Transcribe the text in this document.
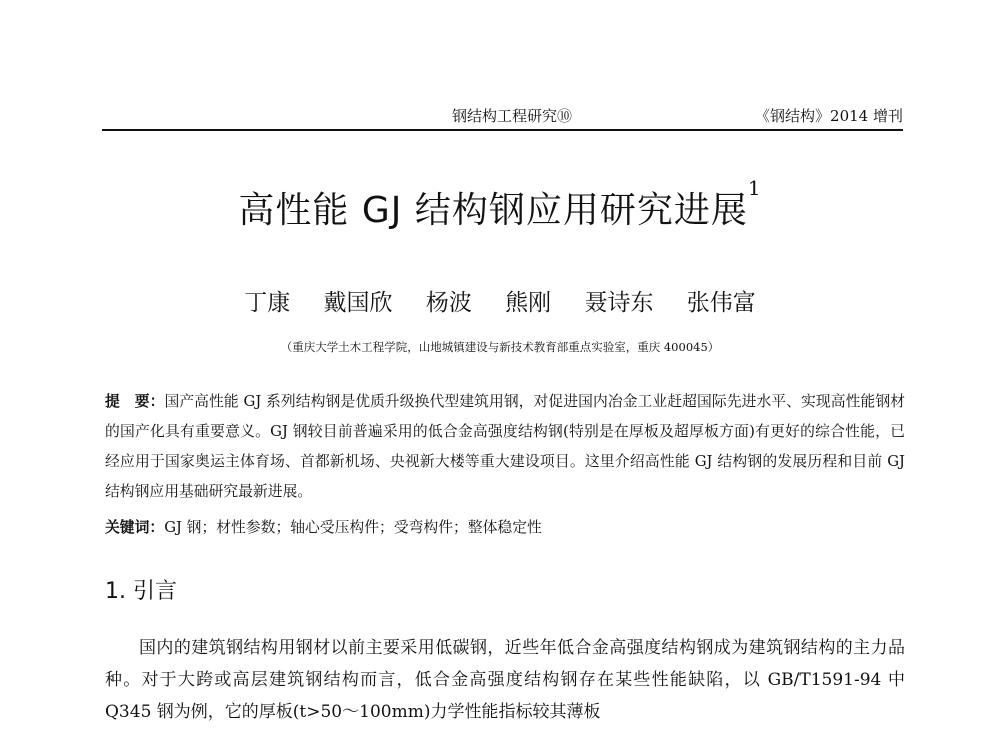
钢结构工程研究⑩	《钢结构》2014 增刊
高性能 GJ 结构钢应用研究进展$^1$
丁康 戴国欣 杨波 熊刚 聂诗东 张伟富
（重庆大学土木工程学院，山地城镇建设与新技术教育部重点实验室，重庆 400045）
提　要：国产高性能 GJ 系列结构钢是优质升级换代型建筑用钢，对促进国内冶金工业赶超国际先进水平、实现高性能钢材的国产化具有重要意义。GJ 钢较目前普遍采用的低合金高强度结构钢(特别是在厚板及超厚板方面)有更好的综合性能，已经应用于国家奥运主体育场、首都新机场、央视新大楼等重大建设项目。这里介绍高性能 GJ 结构钢的发展历程和目前 GJ 结构钢应用基础研究最新进展。
关键词：GJ 钢；材性参数；轴心受压构件；受弯构件；整体稳定性
1. 引言
国内的建筑钢结构用钢材以前主要采用低碳钢，近些年低合金高强度结构钢成为建筑钢结构的主力品种。对于大跨或高层建筑钢结构而言，低合金高强度结构钢存在某些性能缺陷，以 GB/T1591-94 中 Q345 钢为例，它的厚板(t>50～100mm)力学性能指标较其薄板
